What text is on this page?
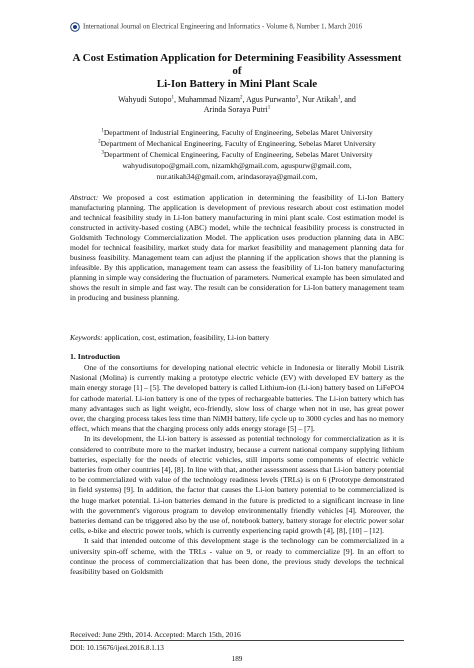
International Journal on Electrical Engineering and Informatics - Volume 8, Number 1, March 2016
A Cost Estimation Application for Determining Feasibility Assessment of
Li-Ion Battery in Mini Plant Scale
Wahyudi Sutopo$^1$, Muhammad Nizam$^2$, Agus Purwanto$^3$, Nur Atikah$^1$, and
Arinda Soraya Putri$^1$
$^1$Department of Industrial Engineering, Faculty of Engineering, Sebelas Maret University
$^2$Department of Mechanical Engineering, Faculty of Engineering, Sebelas Maret University
$^3$Department of Chemical Engineering, Faculty of Engineering, Sebelas Maret University
wahyudisutopo@gmail.com, nizamkh@gmail.com, aguspurw@gmail.com,
nur.atikah34@gmail.com, arindasoraya@gmail.com,
Abstract: We proposed a cost estimation application in determining the feasibility of Li-Ion Battery manufacturing planning. The application is development of previous research about cost estimation model and technical feasibility study in Li-Ion battery manufacturing in mini plant scale. Cost estimation model is constructed in activity-based costing (ABC) model, while the technical feasibility process is constructed in Goldsmith Technology Commercialization Model. The application uses production planning data in ABC model for technical feasibility, market study data for market feasibility and management planning data for business feasibility. Management team can adjust the planning if the application shows that the planning is infeasible. By this application, management team can assess the feasibility of Li-Ion battery manufacturing planning in simple way considering the fluctuation of parameters. Numerical example has been simulated and shows the result in simple and fast way. The result can be consideration for Li-Ion battery management team in producing and business planning.
Keywords: application, cost, estimation, feasibility, Li-ion battery
1. Introduction

One of the consortiums for developing national electric vehicle in Indonesia or literally Mobil Listrik Nasional (Molina) is currently making a prototype electric vehicle (EV) with developed EV battery as the main energy storage [1] – [5]. The developed battery is called Lithium-ion (Li-ion) battery based on LiFePO4 for cathode material. Li-ion battery is one of the types of rechargeable batteries. The Li-ion battery which has many advantages such as light weight, eco-friendly, slow loss of charge when not in use, has great power over, the charging process takes less time than NiMH battery, life cycle up to 3000 cycles and has no memory effect, which means that the charging process only adds energy storage [5] – [7].

In its development, the Li-ion battery is assessed as potential technology for commercialization as it is considered to contribute more to the market industry, because a current national company supplying lithium batteries, especially for the needs of electric vehicles, still imports some components of electric vehicle batteries from other countries [4], [8]. In line with that, another assessment assess that Li-ion battery potential to be commercialized with value of the technology readiness levels (TRLs) is on 6 (Prototype demonstrated in field systems) [9]. In addition, the factor that causes the Li-ion battery potential to be commercialized is the huge market potential. Li-ion batteries demand in the future is predicted to a significant increase in line with the government's vigorous program to develop environmentally friendly vehicles [4]. Moreover, the batteries demand can be triggered also by the use of, notebook battery, battery storage for electric power solar cells, e-bike and electric power tools, which is currently experiencing rapid growth [4], [8], [10] – [12].

It said that intended outcome of this development stage is the technology can be commercialized in a university spin-off scheme, with the TRLs - value on 9, or ready to commercialize [9]. In an effort to continue the process of commercialization that has been done, the previous study develops the technical feasibility based on Goldsmith

Received: June 29th, 2014. Accepted: March 15th, 2016
DOI: 10.15676/ijeei.2016.8.1.13
189
